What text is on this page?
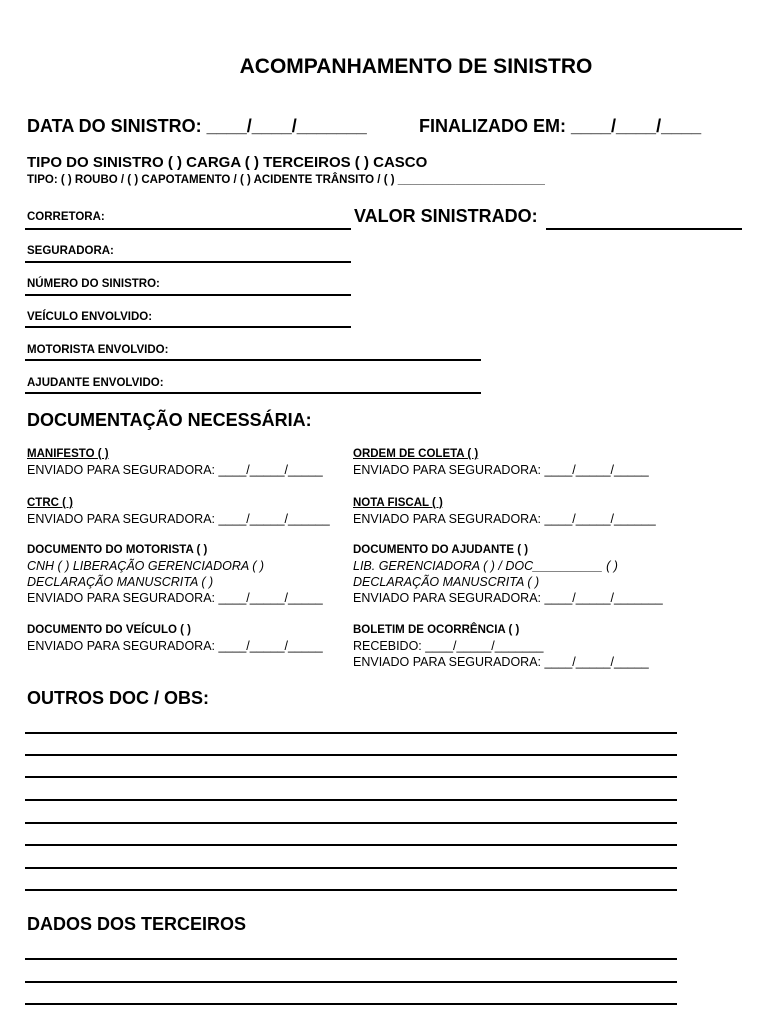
ACOMPANHAMENTO DE SINISTRO
DATA DO SINISTRO: ____/____/_______	FINALIZADO EM: ____/____/____
TIPO DO SINISTRO ( ) CARGA ( ) TERCEIROS ( ) CASCO
TIPO: ( ) ROUBO / ( ) CAPOTAMENTO / ( ) ACIDENTE TRÂNSITO / ( ) _______________________
CORRETORA:	VALOR SINISTRADO:
SEGURADORA:
NÚMERO DO SINISTRO:
VEÍCULO ENVOLVIDO:
MOTORISTA ENVOLVIDO:
AJUDANTE ENVOLVIDO:
DOCUMENTAÇÃO NECESSÁRIA:
MANIFESTO ( )
ENVIADO PARA SEGURADORA: ____/_____/_____
ORDEM DE COLETA ( )
ENVIADO PARA SEGURADORA: ____/_____/_____
CTRC ( )
ENVIADO PARA SEGURADORA: ____/_____/______
NOTA FISCAL ( )
ENVIADO PARA SEGURADORA: ____/_____/______
DOCUMENTO DO MOTORISTA ( )
CNH ( ) LIBERAÇÃO GERENCIADORA ( )
DECLARAÇÃO MANUSCRITA ( )
ENVIADO PARA SEGURADORA: ____/_____/_____
DOCUMENTO DO AJUDANTE ( )
LIB. GERENCIADORA ( ) / DOC__________ ( )
DECLARAÇÃO MANUSCRITA ( )
ENVIADO PARA SEGURADORA: ____/_____/_______
DOCUMENTO DO VEÍCULO ( )
ENVIADO PARA SEGURADORA: ____/_____/_____
BOLETIM DE OCORRÊNCIA ( )
RECEBIDO: ____/_____/_______
ENVIADO PARA SEGURADORA: ____/_____/_____
OUTROS DOC / OBS:
DADOS DOS TERCEIROS
